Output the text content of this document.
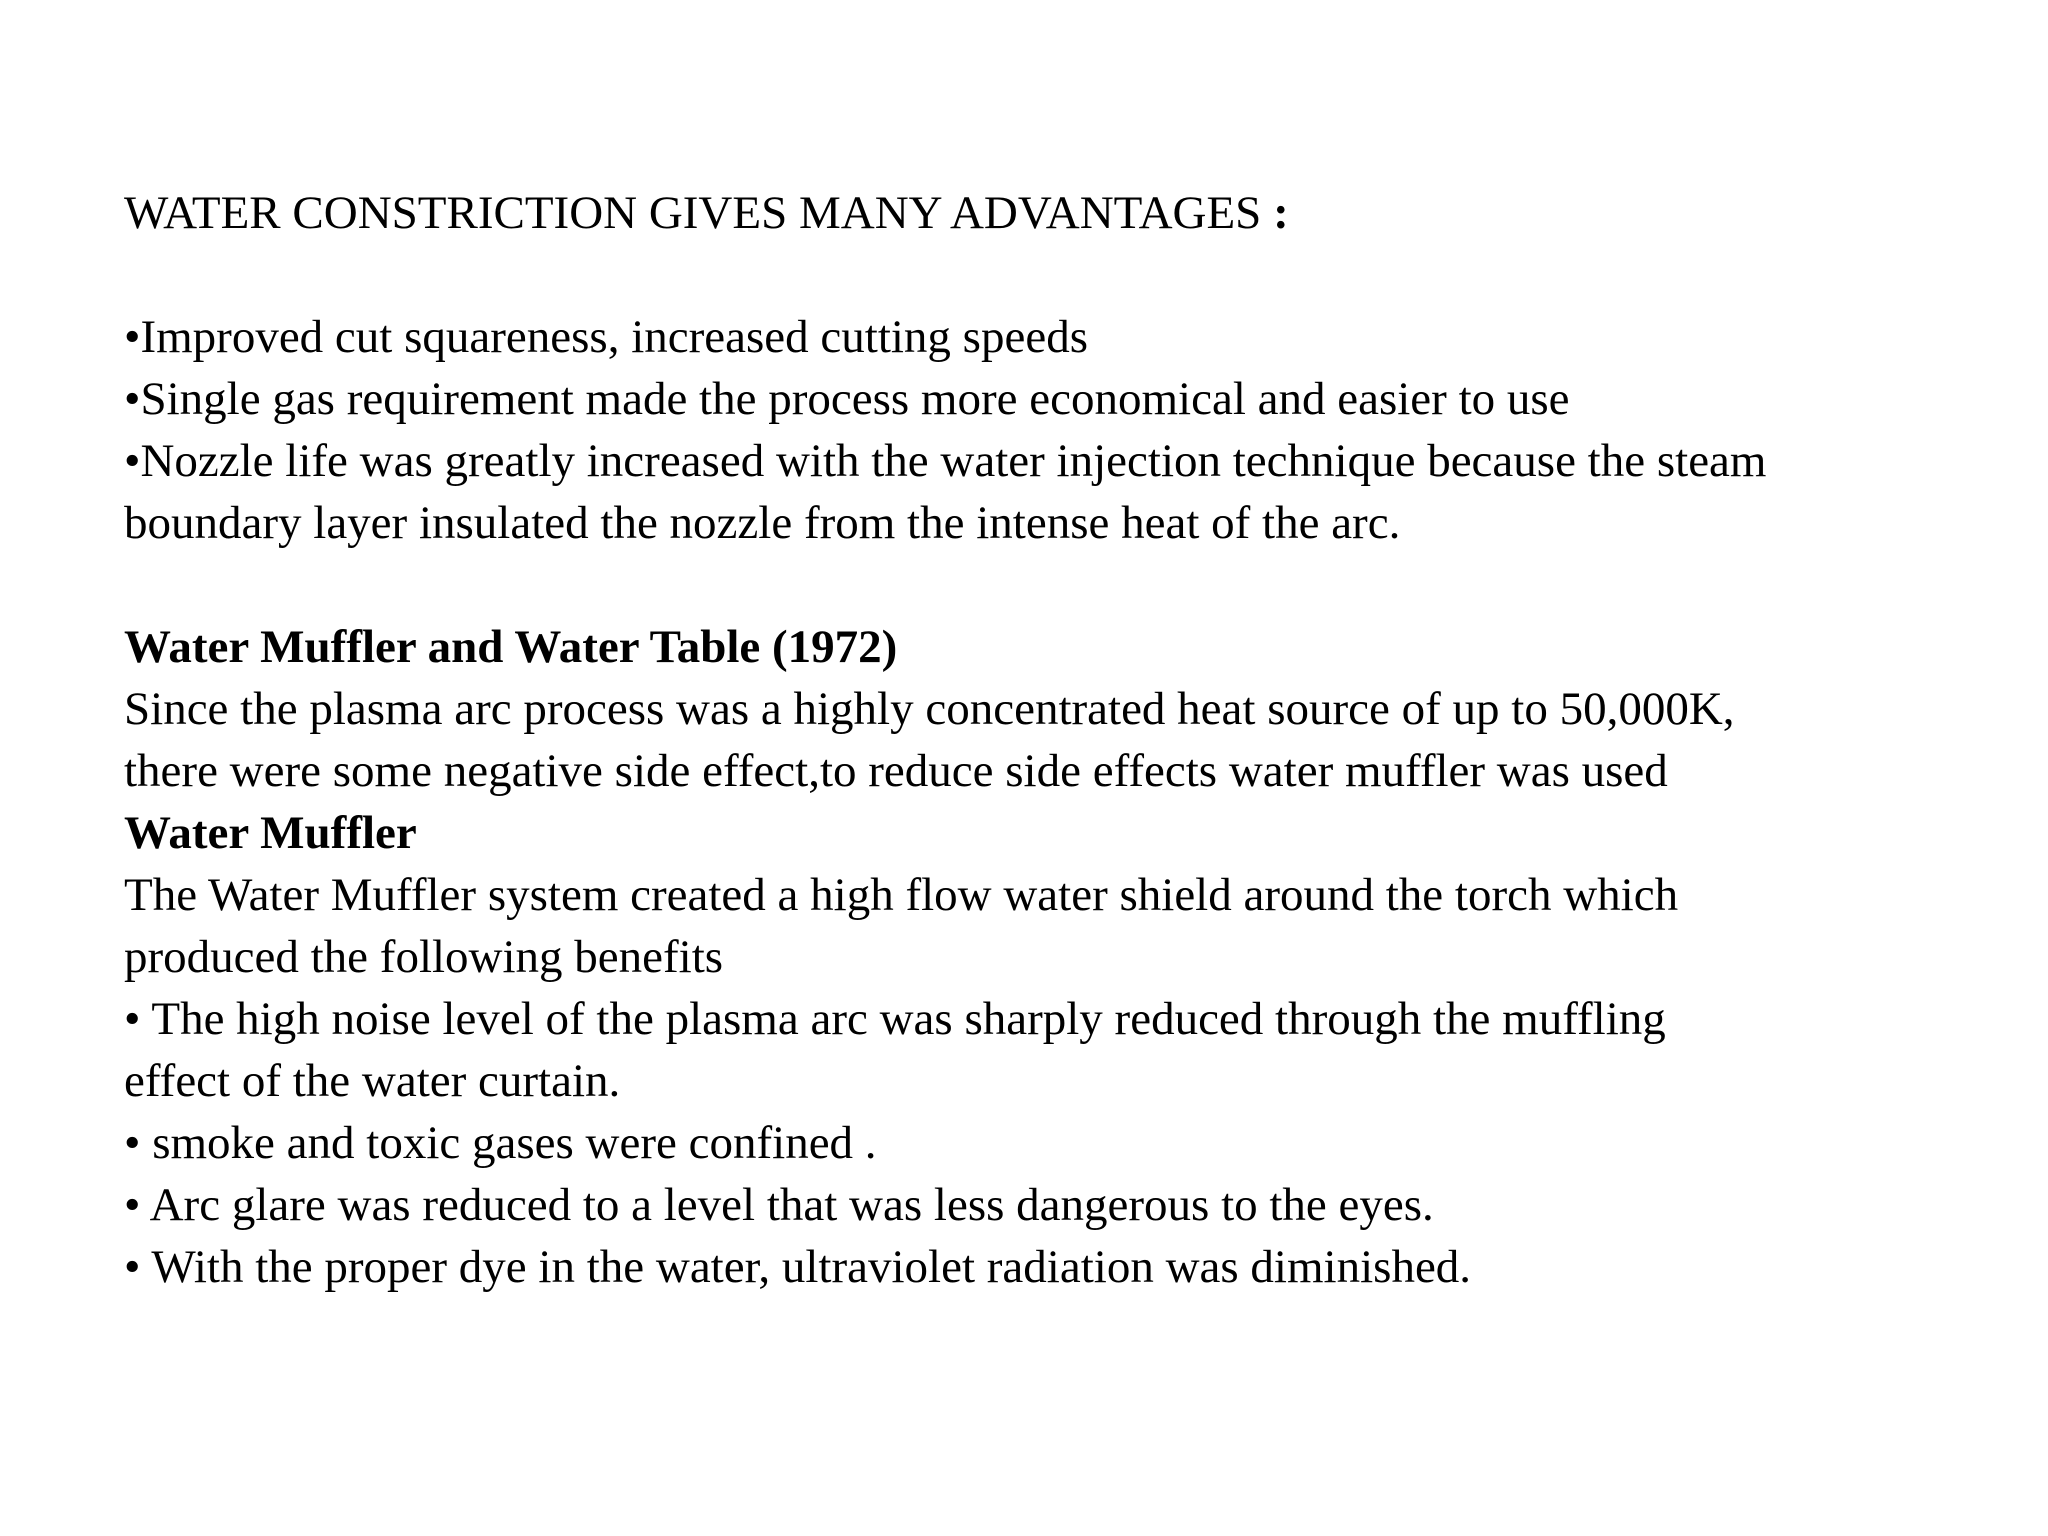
WATER CONSTRICTION GIVES MANY ADVANTAGES :
•Improved cut squareness, increased cutting speeds
•Single gas requirement made the process more economical and easier to use
•Nozzle life was greatly increased with the water injection technique because the steam
boundary layer insulated the nozzle from the intense heat of the arc.
Water Muffler and Water Table (1972)
Since the plasma arc process was a highly concentrated heat source of up to 50,000K,
there were some negative side effect,to reduce side effects water muffler was used
Water Muffler
The Water Muffler system created a high flow water shield around the torch which
produced the following benefits
• The high noise level of the plasma arc was sharply reduced through the muffling
effect of the water curtain.
• smoke and toxic gases were confined .
• Arc glare was reduced to a level that was less dangerous to the eyes.
• With the proper dye in the water, ultraviolet radiation was diminished.
